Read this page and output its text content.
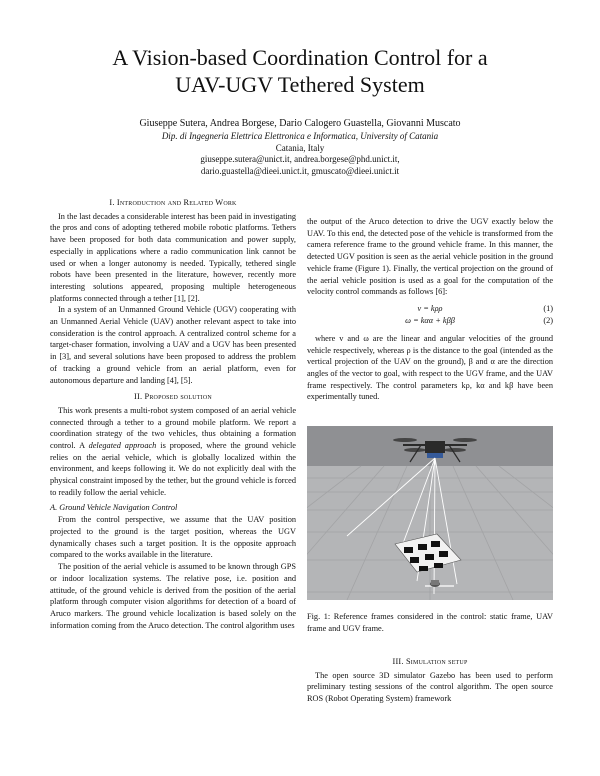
A Vision-based Coordination Control for a
UAV-UGV Tethered System
Giuseppe Sutera, Andrea Borgese, Dario Calogero Guastella, Giovanni Muscato
Dip. di Ingegneria Elettrica Elettronica e Informatica, University of Catania
Catania, Italy
giuseppe.sutera@unict.it, andrea.borgese@phd.unict.it,
dario.guastella@dieei.unict.it, gmuscato@dieei.unict.it
I. Introduction and Related Work

In the last decades a considerable interest has been paid in investigating the pros and cons of adopting tethered mobile robotic platforms. Tethers have been proposed for both data communication and power supply, especially in applications where a radio communication link cannot be used or when a longer autonomy is needed. Typically, tethered single robots have been presented in the literature, however, recently more interesting solutions appeared, proposing multiple heterogeneous platforms connected through a tether [1], [2].

In a system of an Unmanned Ground Vehicle (UGV) cooperating with an Unmanned Aerial Vehicle (UAV) another relevant aspect to take into consideration is the control approach. A centralized control scheme for a target-chaser formation, involving a UAV and a UGV has been presented in [3], and several solutions have been proposed to address the problem of tracking a ground vehicle from an aerial platform, even for autonomous departure and landing [4], [5].

II. Proposed solution

This work presents a multi-robot system composed of an aerial vehicle connected through a tether to a ground mobile platform. We report a coordination strategy of the two vehicles, thus obtaining a formation control. A delegated approach is proposed, where the ground vehicle relies on the aerial vehicle, which is globally localized within the environment, and keeps following it. We do not explicitly deal with the physical constraint imposed by the tether, but the ground vehicle is forced to readily follow the aerial vehicle.

A. Ground Vehicle Navigation Control

From the control perspective, we assume that the UAV position projected to the ground is the target position, whereas the UGV dynamically chases such a target position. It is the opposite approach compared to the works available in the literature.

The position of the aerial vehicle is assumed to be known through GPS or indoor localization systems. The relative pose, i.e. position and attitude, of the ground vehicle is derived from the position of the aerial platform through computer vision algorithms for detection of a board of Aruco markers. The ground vehicle localization is based solely on the information coming from the Aruco detection. The control algorithm uses

the output of the Aruco detection to drive the UGV exactly below the UAV. To this end, the detected pose of the vehicle is transformed from the camera reference frame to the ground vehicle frame. In this manner, the detected UGV position is seen as the aerial vehicle position in the ground vehicle frame (Figure 1). Finally, the vertical projection on the ground of the aerial vehicle position is used as a goal for the computation of the velocity control commands as follows [6]:

v = kρρ	(1)
ω = kαα + kββ	(2)

where v and ω are the linear and angular velocities of the ground vehicle respectively, whereas ρ is the distance to the goal (intended as the vertical projection of the UAV on the ground), β and α are the direction angles of the vector to goal, with respect to the UGV frame, and the UAV frame respectively. The control parameters kρ, kα and kβ have been experimentally tuned.

Fig. 1: Reference frames considered in the control: static frame, UAV frame and UGV frame.
III. Simulation setup

The open source 3D simulator Gazebo has been used to perform preliminary testing sessions of the control algorithm. The open source ROS (Robot Operating System) framework
